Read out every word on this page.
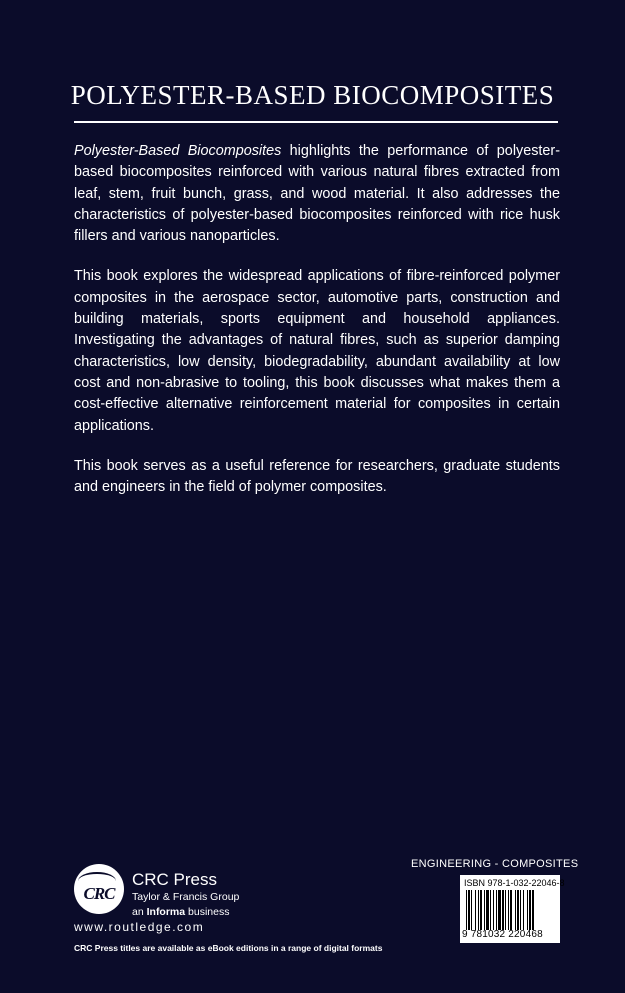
POLYESTER-BASED BIOCOMPOSITES

Polyester-Based Biocomposites highlights the performance of polyester-based biocomposites reinforced with various natural fibres extracted from leaf, stem, fruit bunch, grass, and wood material. It also addresses the characteristics of polyester-based biocomposites reinforced with rice husk fillers and various nanoparticles.

This book explores the widespread applications of fibre-reinforced polymer composites in the aerospace sector, automotive parts, construction and building materials, sports equipment and household appliances. Investigating the advantages of natural fibres, such as superior damping characteristics, low density, biodegradability, abundant availability at low cost and non-abrasive to tooling, this book discusses what makes them a cost-effective alternative reinforcement material for composites in certain applications.

This book serves as a useful reference for researchers, graduate students and engineers in the field of polymer composites.

CRC
CRC Press
Taylor & Francis Group
an Informa business
www.routledge.com
CRC Press titles are available as eBook editions in a range of digital formats
ENGINEERING - COMPOSITES
ISBN 978-1-032-22046-8
9 781032 220468
